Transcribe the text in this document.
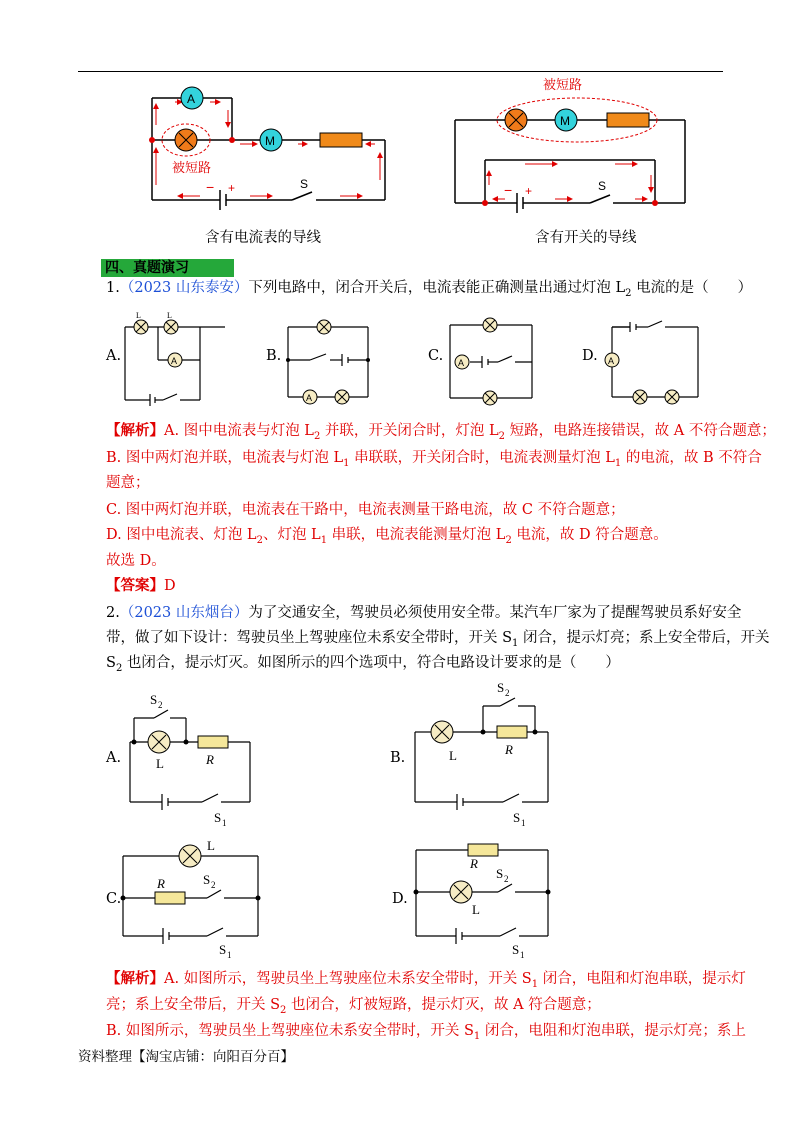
A
M
被短路
S
− +
M
被短路
S
− +
含有电流表的导线	含有开关的导线
四、真题演习
1.（2023 山东泰安）下列电路中，闭合开关后，电流表能正确测量出通过灯泡 $L_2$ 电流的是（　　）
A
L	L
A.
A
B.	A
C.	A
D.
【解析】A. 图中电流表与灯泡 $L_2$ 并联，开关闭合时，灯泡 $L_2$ 短路，电路连接错误，故 A 不符合题意；
B. 图中两灯泡并联，电流表与灯泡 $L_1$ 串联联，开关闭合时，电流表测量灯泡 $L_1$ 的电流，故 B 不符合
题意；
C. 图中两灯泡并联，电流表在干路中，电流表测量干路电流，故 C 不符合题意；
D. 图中电流表、灯泡 $L_2$、灯泡 $L_1$ 串联，电流表能测量灯泡 $L_2$ 电流，故 D 符合题意。
故选 D。
【答案】D
2.（2023 山东烟台）为了交通安全，驾驶员必须使用安全带。某汽车厂家为了提醒驾驶员系好安全
带，做了如下设计：驾驶员坐上驾驶座位未系安全带时，开关 $S_1$ 闭合，提示灯亮；系上安全带后，开关
$S_2$ 也闭合，提示灯灭。如图所示的四个选项中，符合电路设计要求的是（　　）
S 2
L	R
S 1
A.
S 2
L	R
S 1
B.
L
R	S 2
S 1
C.
R
L
S 2
S 1
D.
【解析】A. 如图所示，驾驶员坐上驾驶座位未系安全带时，开关 $S_1$ 闭合，电阻和灯泡串联，提示灯
亮；系上安全带后，开关 $S_2$ 也闭合，灯被短路，提示灯灭，故 A 符合题意；
B. 如图所示，驾驶员坐上驾驶座位未系安全带时，开关 $S_1$ 闭合，电阻和灯泡串联，提示灯亮；系上
资料整理【淘宝店铺：向阳百分百】
